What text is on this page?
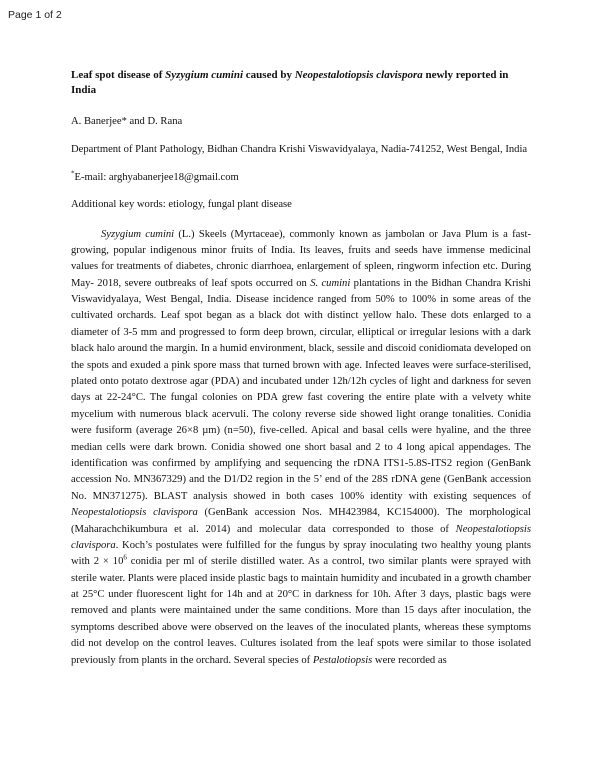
Page 1 of 2
Leaf spot disease of Syzygium cumini caused by Neopestalotiopsis clavispora newly reported in India
A. Banerjee* and D. Rana
Department of Plant Pathology, Bidhan Chandra Krishi Viswavidyalaya, Nadia-741252, West Bengal, India
*E-mail: arghyabanerjee18@gmail.com
Additional key words: etiology, fungal plant disease

Syzygium cumini (L.) Skeels (Myrtaceae), commonly known as jambolan or Java Plum is a fast-growing, popular indigenous minor fruits of India. Its leaves, fruits and seeds have immense medicinal values for treatments of diabetes, chronic diarrhoea, enlargement of spleen, ringworm infection etc. During May- 2018, severe outbreaks of leaf spots occurred on S. cumini plantations in the Bidhan Chandra Krishi Viswavidyalaya, West Bengal, India. Disease incidence ranged from 50% to 100% in some areas of the cultivated orchards. Leaf spot began as a black dot with distinct yellow halo. These dots enlarged to a diameter of 3-5 mm and progressed to form deep brown, circular, elliptical or irregular lesions with a dark black halo around the margin. In a humid environment, black, sessile and discoid conidiomata developed on the spots and exuded a pink spore mass that turned brown with age. Infected leaves were surface-sterilised, plated onto potato dextrose agar (PDA) and incubated under 12h/12h cycles of light and darkness for seven days at 22-24°C. The fungal colonies on PDA grew fast covering the entire plate with a velvety white mycelium with numerous black acervuli. The colony reverse side showed light orange tonalities. Conidia were fusiform (average 26×8 µm) (n=50), five-celled. Apical and basal cells were hyaline, and the three median cells were dark brown. Conidia showed one short basal and 2 to 4 long apical appendages. The identification was confirmed by amplifying and sequencing the rDNA ITS1-5.8S-ITS2 region (GenBank accession No. MN367329) and the D1/D2 region in the 5’ end of the 28S rDNA gene (GenBank accession No. MN371275). BLAST analysis showed in both cases 100% identity with existing sequences of Neopestalotiopsis clavispora (GenBank accession Nos. MH423984, KC154000). The morphological (Maharachchikumbura et al. 2014) and molecular data corresponded to those of Neopestalotiopsis clavispora. Koch’s postulates were fulfilled for the fungus by spray inoculating two healthy young plants with $2 \times 10^6$ conidia per ml of sterile distilled water. As a control, two similar plants were sprayed with sterile water. Plants were placed inside plastic bags to maintain humidity and incubated in a growth chamber at 25°C under fluorescent light for 14h and at 20°C in darkness for 10h. After 3 days, plastic bags were removed and plants were maintained under the same conditions. More than 15 days after inoculation, the symptoms described above were observed on the leaves of the inoculated plants, whereas these symptoms did not develop on the control leaves. Cultures isolated from the leaf spots were similar to those isolated previously from plants in the orchard. Several species of Pestalotiopsis were recorded as
